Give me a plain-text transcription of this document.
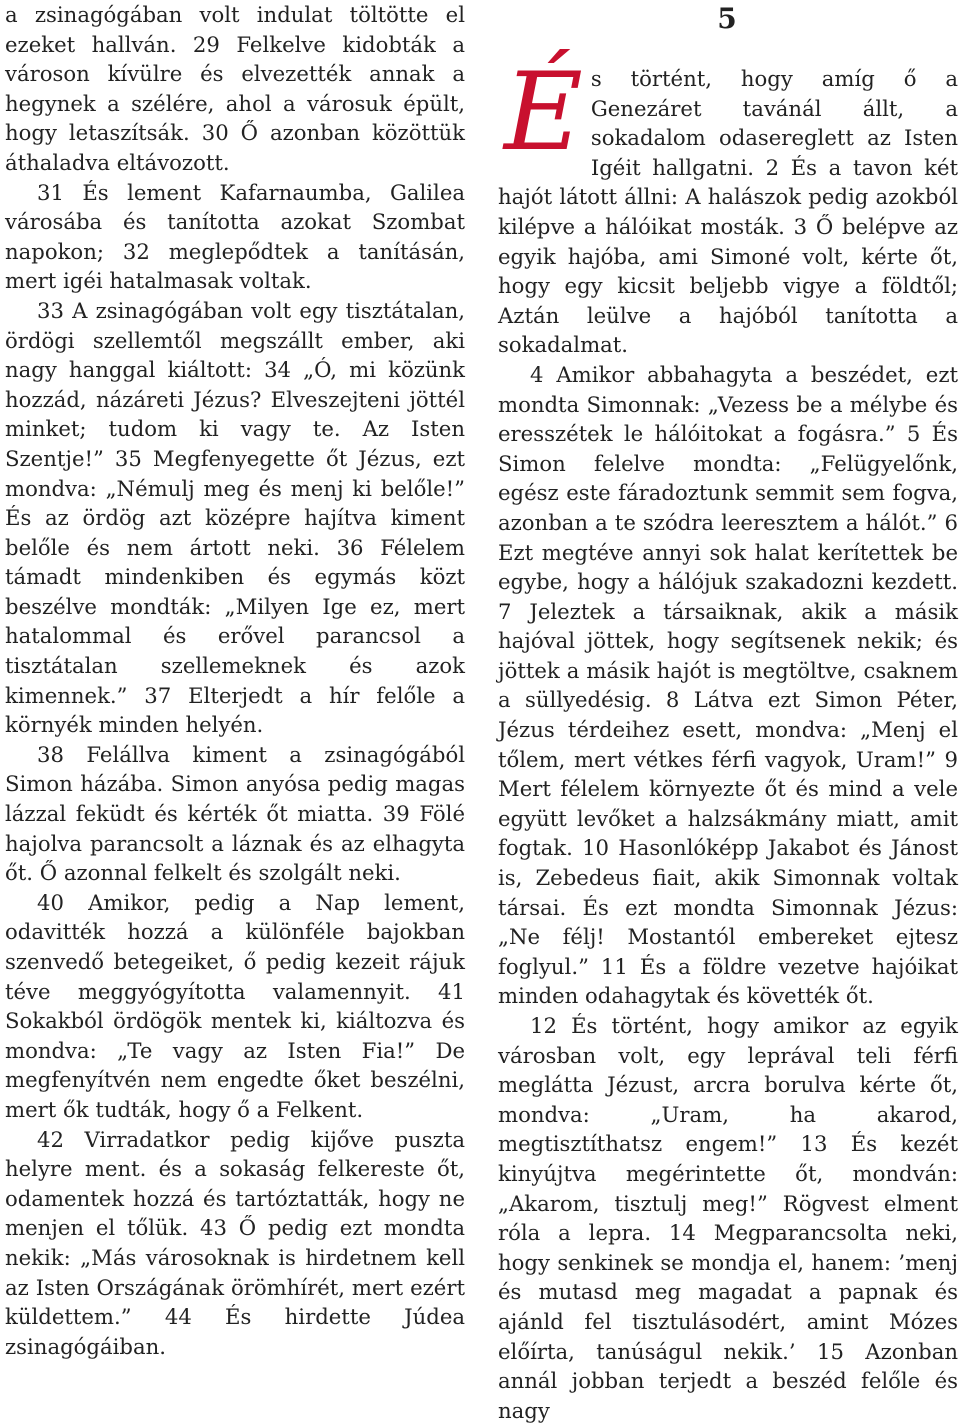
5

a zsinagógában volt indulat töltötte el ezeket hallván. 29 Felkelve kidobták a városon kívülre és elvezették annak a hegynek a szélére, ahol a városuk épült, hogy letaszítsák. 30 Ő azonban közöttük áthaladva eltávozott.

31 És lement Kafarnaumba, Galilea városába és tanította azokat Szombat napokon; 32 meglepődtek a tanításán, mert igéi hatalmasak voltak.

33 A zsinagógában volt egy tisztátalan, ördögi szellemtől megszállt ember, aki nagy hanggal kiáltott: 34 „Ó, mi közünk hozzád, názáreti Jézus? Elveszejteni jöttél minket; tudom ki vagy te. Az Isten Szentje!” 35 Megfenyegette őt Jézus, ezt mondva: „Némulj meg és menj ki belőle!” És az ördög azt középre hajítva kiment belőle és nem ártott neki. 36 Félelem támadt mindenkiben és egymás közt beszélve mondták: „Milyen Ige ez, mert hatalommal és erővel parancsol a tisztátalan szellemeknek és azok kimennek.” 37 Elterjedt a hír felőle a környék minden helyén.

38 Felállva kiment a zsinagógából Simon házába. Simon anyósa pedig magas lázzal feküdt és kérték őt miatta. 39 Fölé hajolva parancsolt a láznak és az elhagyta őt. Ő azonnal felkelt és szolgált neki.

40 Amikor, pedig a Nap lement, odavitték hozzá a különféle bajokban szenvedő betegeiket, ő pedig kezeit rájuk téve meggyógyította valamennyit. 41 Sokakból ördögök mentek ki, kiáltozva és mondva: „Te vagy az Isten Fia!” De megfenyítvén nem engedte őket beszélni, mert ők tudták, hogy ő a Felkent.

42 Virradatkor pedig kijőve puszta helyre ment. és a sokaság felkereste őt, odamentek hozzá és tartóztatták, hogy ne menjen el tőlük. 43 Ő pedig ezt mondta nekik: „Más városoknak is hirdetnem kell az Isten Országának örömhírét, mert ezért küldettem.” 44 És hirdette Júdea zsinagógáiban.

És történt, hogy amíg ő a Genezáret tavánál állt, a sokadalom odasereglett az Isten Igéit hallgatni. 2 És a tavon két hajót látott állni: A halászok pedig azokból kilépve a hálóikat mosták. 3 Ő belépve az egyik hajóba, ami Simoné volt, kérte őt, hogy egy kicsit beljebb vigye a földtől; Aztán leülve a hajóból tanította a sokadalmat.

4 Amikor abbahagyta a beszédet, ezt mondta Simonnak: „Vezess be a mélybe és eresszétek le hálóitokat a fogásra.” 5 És Simon felelve mondta: „Felügyelőnk, egész este fáradoztunk semmit sem fogva, azonban a te szódra leeresztem a hálót.” 6 Ezt megtéve annyi sok halat kerítettek be egybe, hogy a hálójuk szakadozni kezdett. 7 Jeleztek a társaiknak, akik a másik hajóval jöttek, hogy segítsenek nekik; és jöttek a másik hajót is megtöltve, csaknem a süllyedésig. 8 Látva ezt Simon Péter, Jézus térdeihez esett, mondva: „Menj el tőlem, mert vétkes férfi vagyok, Uram!” 9 Mert félelem környezte őt és mind a vele együtt levőket a halzsákmány miatt, amit fogtak. 10 Hasonlóképp Jakabot és Jánost is, Zebedeus fiait, akik Simonnak voltak társai. És ezt mondta Simonnak Jézus: „Ne félj! Mostantól embereket ejtesz foglyul.” 11 És a földre vezetve hajóikat minden odahagytak és követték őt.

12 És történt, hogy amikor az egyik városban volt, egy leprával teli férfi meglátta Jézust, arcra borulva kérte őt, mondva: „Uram, ha akarod, megtisztíthatsz engem!” 13 És kezét kinyújtva megérintette őt, mondván: „Akarom, tisztulj meg!” Rögvest elment róla a lepra. 14 Megparancsolta neki, hogy senkinek se mondja el, hanem: ’menj és mutasd meg magadat a papnak és ajánld fel tisztulásodért, amint Mózes előírta, tanúságul nekik.’ 15 Azonban annál jobban terjedt a beszéd felőle és nagy
